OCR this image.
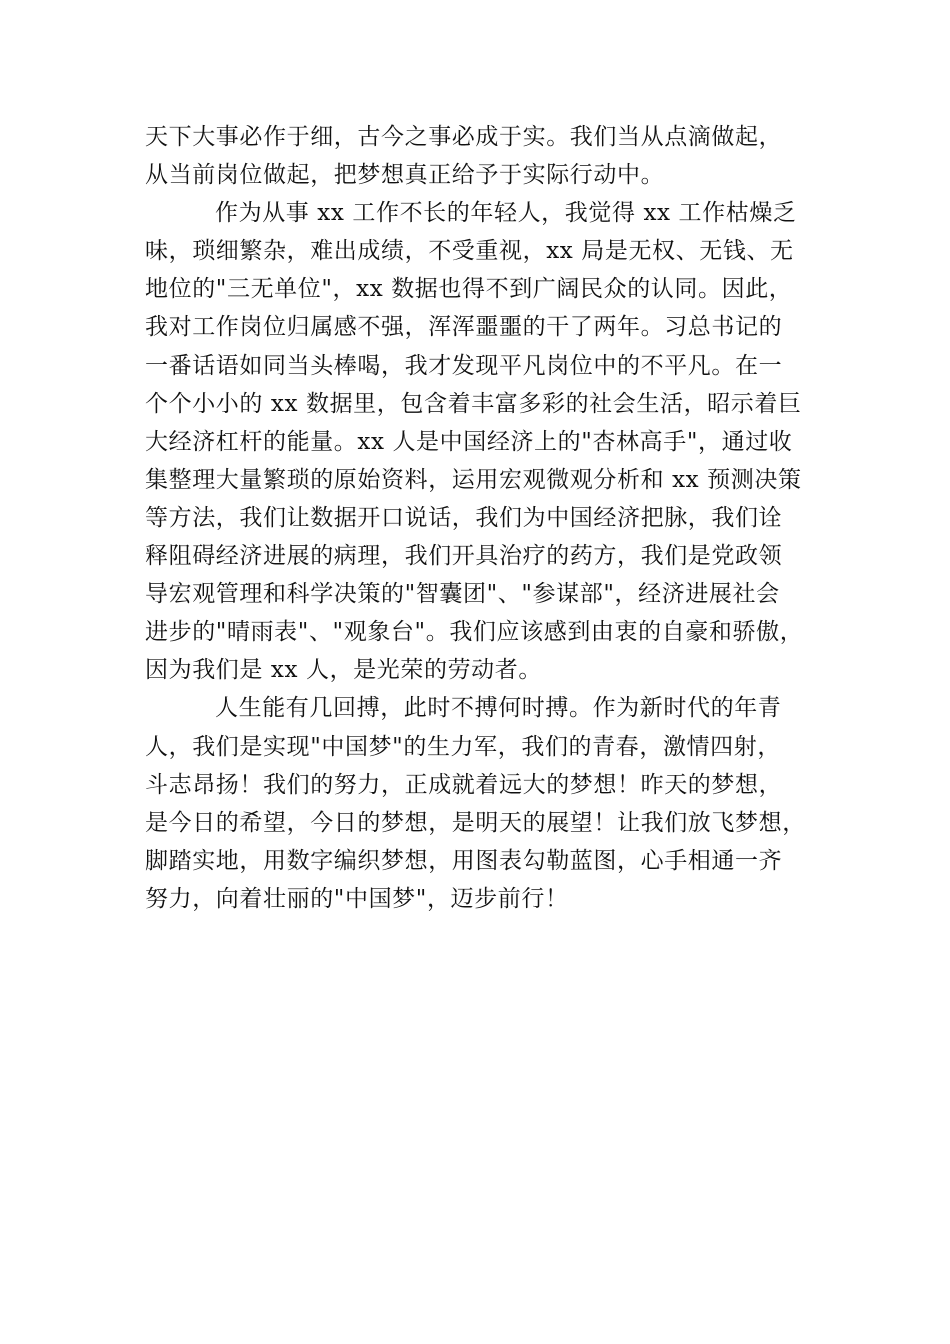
天下大事必作于细，古今之事必成于实。我们当从点滴做起，
从当前岗位做起，把梦想真正给予于实际行动中。
作为从事 xx 工作不长的年轻人，我觉得 xx 工作枯燥乏
味，琐细繁杂，难出成绩，不受重视，xx 局是无权、无钱、无
地位的"三无单位"，xx 数据也得不到广阔民众的认同。因此，
我对工作岗位归属感不强，浑浑噩噩的干了两年。习总书记的
一番话语如同当头棒喝，我才发现平凡岗位中的不平凡。在一
个个小小的 xx 数据里，包含着丰富多彩的社会生活，昭示着巨
大经济杠杆的能量。xx 人是中国经济上的"杏林高手"，通过收
集整理大量繁琐的原始资料，运用宏观微观分析和 xx 预测决策
等方法，我们让数据开口说话，我们为中国经济把脉，我们诠
释阻碍经济进展的病理，我们开具治疗的药方，我们是党政领
导宏观管理和科学决策的"智囊团"、"参谋部"，经济进展社会
进步的"晴雨表"、"观象台"。我们应该感到由衷的自豪和骄傲，
因为我们是 xx 人，是光荣的劳动者。
人生能有几回搏，此时不搏何时搏。作为新时代的年青
人，我们是实现"中国梦"的生力军，我们的青春，激情四射，
斗志昂扬！我们的努力，正成就着远大的梦想！昨天的梦想，
是今日的希望，今日的梦想，是明天的展望！让我们放飞梦想，
脚踏实地，用数字编织梦想，用图表勾勒蓝图，心手相通一齐
努力，向着壮丽的"中国梦"，迈步前行！
